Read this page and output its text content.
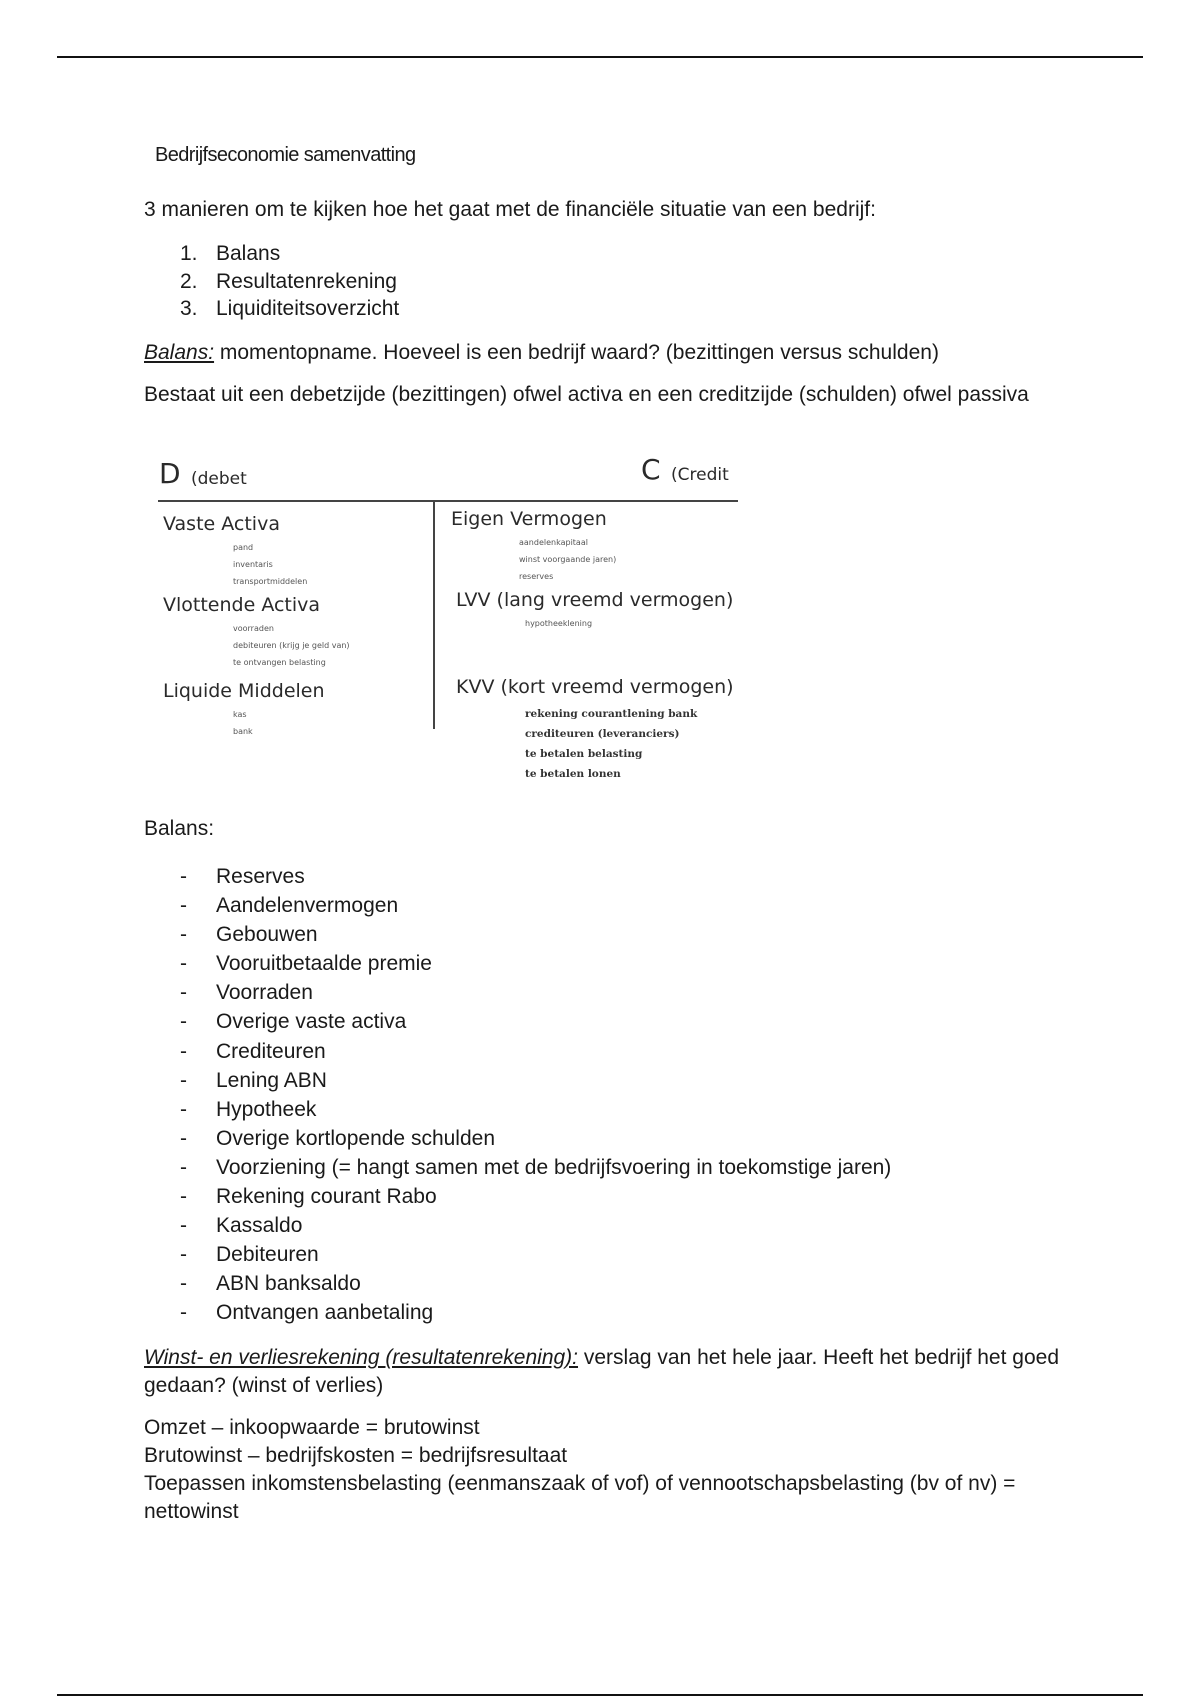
Bedrijfseconomie samenvatting
3 manieren om te kijken hoe het gaat met de financiële situatie van een bedrijf:
1. Balans
2. Resultatenrekening
3. Liquiditeitsoverzicht
Balans: momentopname. Hoeveel is een bedrijf waard? (bezittingen versus schulden)
Bestaat uit een debetzijde (bezittingen) ofwel activa en een creditzijde (schulden) ofwel passiva
D (debet	C (Credit
Vaste Activa
pand
inventaris
transportmiddelen
Vlottende Activa
voorraden
debiteuren (krijg je geld van)
te ontvangen belasting
Liquide Middelen
kas
bank
Eigen Vermogen
aandelenkapitaal
winst voorgaande jaren)
reserves
LVV (lang vreemd vermogen)
hypotheeklening
KVV (kort vreemd vermogen)
rekening courantlening bank
crediteuren (leveranciers)
te betalen belasting
te betalen lonen
Balans:
- Reserves
- Aandelenvermogen
- Gebouwen
- Vooruitbetaalde premie
- Voorraden
- Overige vaste activa
- Crediteuren
- Lening ABN
- Hypotheek
- Overige kortlopende schulden
- Voorziening (= hangt samen met de bedrijfsvoering in toekomstige jaren)
- Rekening courant Rabo
- Kassaldo
- Debiteuren
- ABN banksaldo
- Ontvangen aanbetaling
Winst- en verliesrekening (resultatenrekening): verslag van het hele jaar. Heeft het bedrijf het goed gedaan? (winst of verlies)
Omzet – inkoopwaarde = brutowinst
Brutowinst – bedrijfskosten = bedrijfsresultaat
Toepassen inkomstensbelasting (eenmanszaak of vof) of vennootschapsbelasting (bv of nv) = nettowinst
